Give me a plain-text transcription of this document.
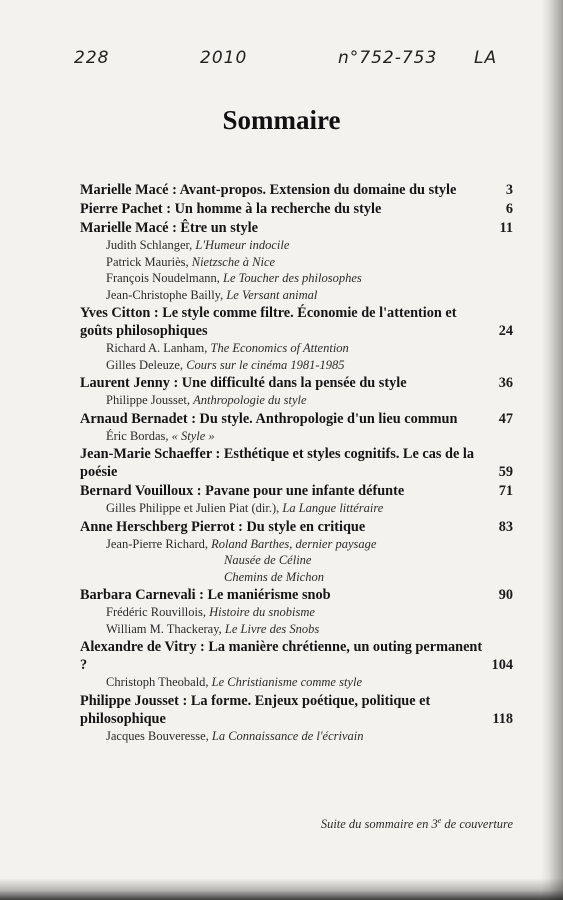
228	2010	n°752-753 LA
Sommaire
Marielle Macé : Avant-propos. Extension du domaine du style	3
Pierre Pachet : Un homme à la recherche du style	6
Marielle Macé : Être un style	11
Judith Schlanger, L'Humeur indocile
Patrick Mauriès, Nietzsche à Nice
François Noudelmann, Le Toucher des philosophes
Jean-Christophe Bailly, Le Versant animal
Yves Citton : Le style comme filtre. Économie de l'attention et goûts philosophiques	24
Richard A. Lanham, The Economics of Attention
Gilles Deleuze, Cours sur le cinéma 1981-1985
Laurent Jenny : Une difficulté dans la pensée du style	36
Philippe Jousset, Anthropologie du style
Arnaud Bernadet : Du style. Anthropologie d'un lieu commun	47
Éric Bordas, « Style »
Jean-Marie Schaeffer : Esthétique et styles cognitifs. Le cas de la poésie	59
Bernard Vouilloux : Pavane pour une infante défunte	71
Gilles Philippe et Julien Piat (dir.), La Langue littéraire
Anne Herschberg Pierrot : Du style en critique	83
Jean-Pierre Richard, Roland Barthes, dernier paysage
Nausée de Céline
Chemins de Michon
Barbara Carnevali : Le maniérisme snob	90
Frédéric Rouvillois, Histoire du snobisme
William M. Thackeray, Le Livre des Snobs
Alexandre de Vitry : La manière chrétienne, un outing permanent ?	104
Christoph Theobald, Le Christianisme comme style
Philippe Jousset : La forme. Enjeux poétique, politique et philosophique	118
Jacques Bouveresse, La Connaissance de l'écrivain
Suite du sommaire en 3e de couverture
